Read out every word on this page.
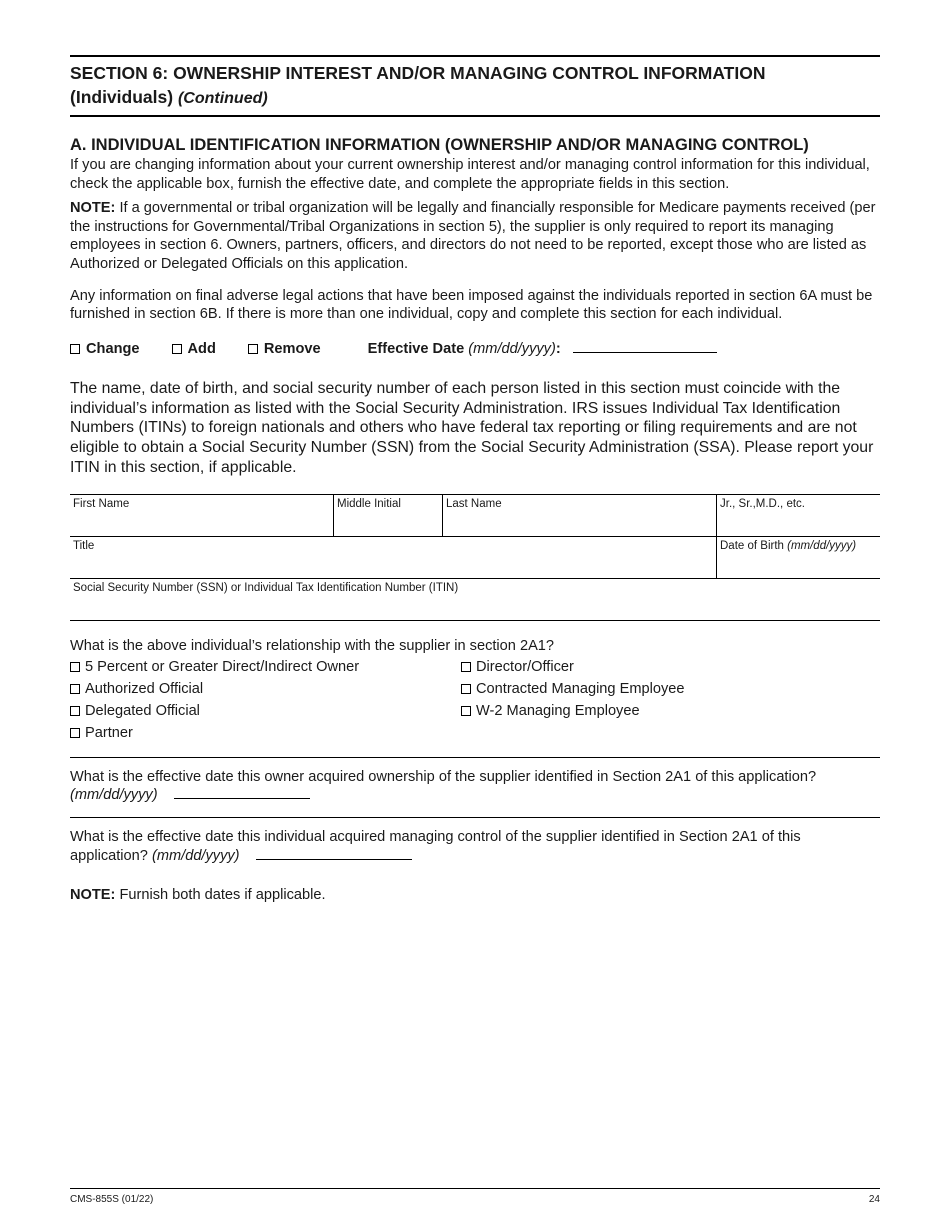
SECTION 6: OWNERSHIP INTEREST AND/OR MANAGING CONTROL INFORMATION
(Individuals) (Continued)
A. INDIVIDUAL IDENTIFICATION INFORMATION (OWNERSHIP AND/OR MANAGING CONTROL)

If you are changing information about your current ownership interest and/or managing control information for this individual, check the applicable box, furnish the effective date, and complete the appropriate fields in this section.

NOTE: If a governmental or tribal organization will be legally and financially responsible for Medicare payments received (per the instructions for Governmental/Tribal Organizations in section 5), the supplier is only required to report its managing employees in section 6. Owners, partners, officers, and directors do not need to be reported, except those who are listed as Authorized or Delegated Officials on this application.

Any information on final adverse legal actions that have been imposed against the individuals reported in section 6A must be furnished in section 6B. If there is more than one individual, copy and complete this section for each individual.

Change	Add	Remove	Effective Date (mm/dd/yyyy):

The name, date of birth, and social security number of each person listed in this section must coincide with the individual’s information as listed with the Social Security Administration. IRS issues Individual Tax Identification Numbers (ITINs) to foreign nationals and others who have federal tax reporting or filing requirements and are not eligible to obtain a Social Security Number (SSN) from the Social Security Administration (SSA). Please report your ITIN in this section, if applicable.

First Name	Middle Initial	Last Name	Jr., Sr.,M.D., etc.
Title			Date of Birth (mm/dd/yyyy)
Social Security Number (SSN) or Individual Tax Identification Number (ITIN)			
What is the above individual’s relationship with the supplier in section 2A1?
5 Percent or Greater Direct/Indirect Owner
Authorized Official
Delegated Official
Partner
Director/Officer
Contracted Managing Employee
W-2 Managing Employee
What is the effective date this owner acquired ownership of the supplier identified in Section 2A1 of this application? (mm/dd/yyyy)
What is the effective date this individual acquired managing control of the supplier identified in Section 2A1 of this application? (mm/dd/yyyy)

NOTE: Furnish both dates if applicable.

CMS-855S (01/22)	24
